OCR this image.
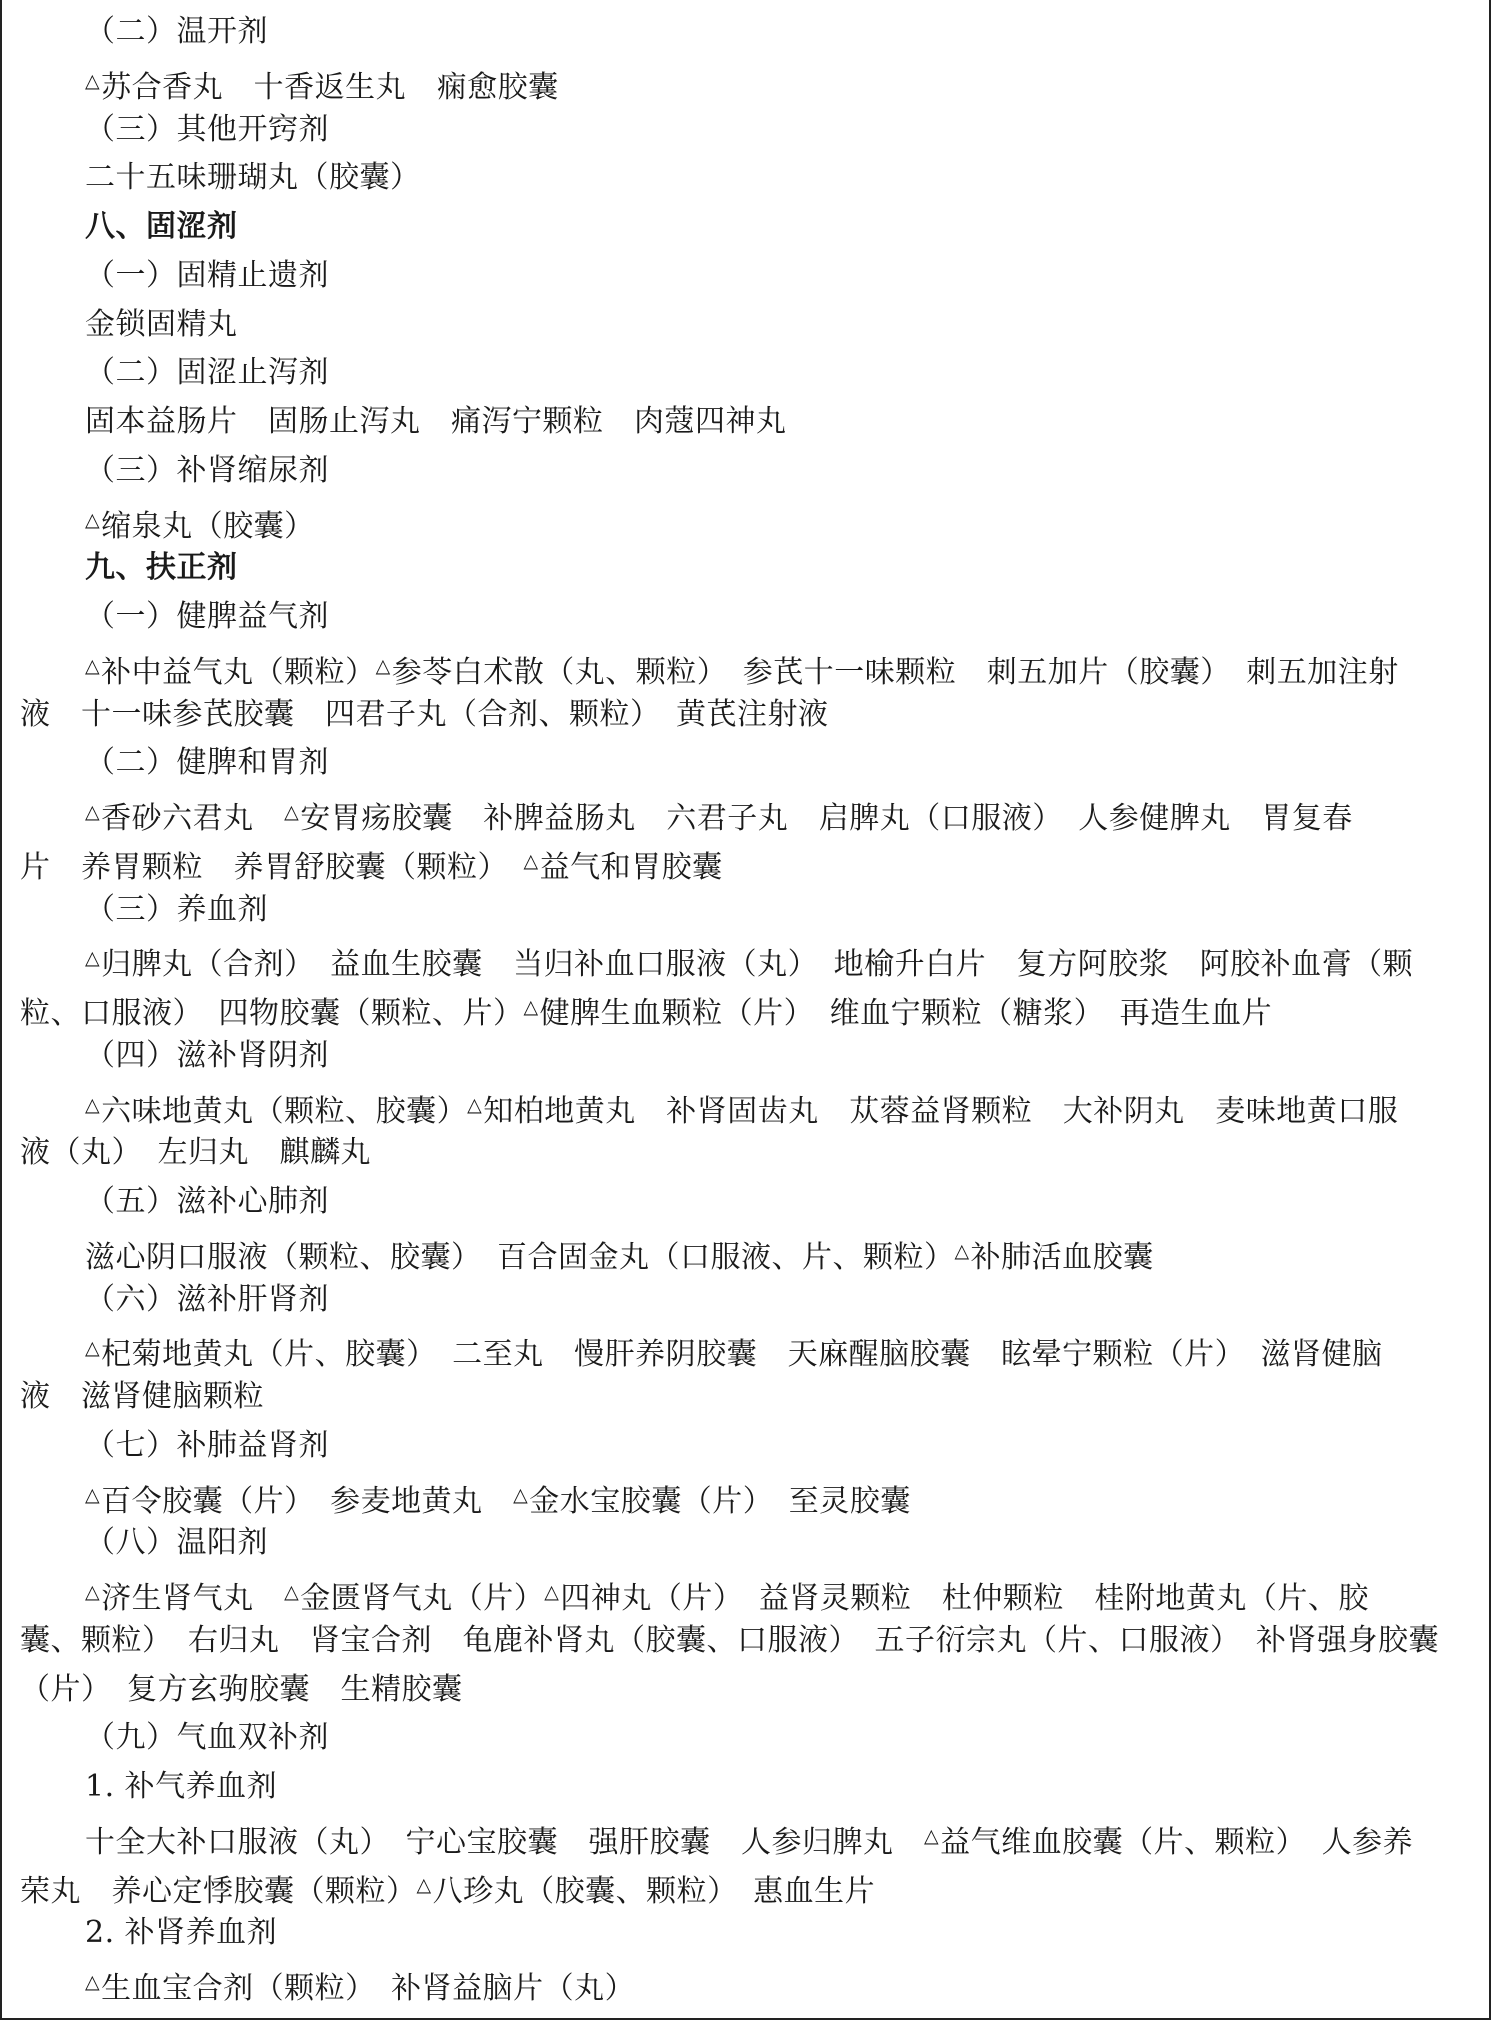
（二）温开剂
△苏合香丸　十香返生丸　痫愈胶囊
（三）其他开窍剂
二十五味珊瑚丸（胶囊）
八、固涩剂
（一）固精止遗剂
金锁固精丸
（二）固涩止泻剂
固本益肠片　固肠止泻丸　痛泻宁颗粒　肉蔻四神丸
（三）补肾缩尿剂
△缩泉丸（胶囊）
九、扶正剂
（一）健脾益气剂
△补中益气丸（颗粒）△参苓白术散（丸、颗粒）　参芪十一味颗粒　刺五加片（胶囊）　刺五加注射
液　十一味参芪胶囊　四君子丸（合剂、颗粒）　黄芪注射液
（二）健脾和胃剂
△香砂六君丸　△安胃疡胶囊　补脾益肠丸　六君子丸　启脾丸（口服液）　人参健脾丸　胃复春
片　养胃颗粒　养胃舒胶囊（颗粒）　△益气和胃胶囊
（三）养血剂
△归脾丸（合剂）　益血生胶囊　当归补血口服液（丸）　地榆升白片　复方阿胶浆　阿胶补血膏（颗
粒、口服液）　四物胶囊（颗粒、片）△健脾生血颗粒（片）　维血宁颗粒（糖浆）　再造生血片
（四）滋补肾阴剂
△六味地黄丸（颗粒、胶囊）△知柏地黄丸　补肾固齿丸　苁蓉益肾颗粒　大补阴丸　麦味地黄口服
液（丸）　左归丸　麒麟丸
（五）滋补心肺剂
滋心阴口服液（颗粒、胶囊）　百合固金丸（口服液、片、颗粒）△补肺活血胶囊
（六）滋补肝肾剂
△杞菊地黄丸（片、胶囊）　二至丸　慢肝养阴胶囊　天麻醒脑胶囊　眩晕宁颗粒（片）　滋肾健脑
液　滋肾健脑颗粒
（七）补肺益肾剂
△百令胶囊（片）　参麦地黄丸　△金水宝胶囊（片）　至灵胶囊
（八）温阳剂
△济生肾气丸　△金匮肾气丸（片）△四神丸（片）　益肾灵颗粒　杜仲颗粒　桂附地黄丸（片、胶
囊、颗粒）　右归丸　肾宝合剂　龟鹿补肾丸（胶囊、口服液）　五子衍宗丸（片、口服液）　补肾强身胶囊
（片）　复方玄驹胶囊　生精胶囊
（九）气血双补剂
1. 补气养血剂
十全大补口服液（丸）　宁心宝胶囊　强肝胶囊　人参归脾丸　△益气维血胶囊（片、颗粒）　人参养
荣丸　养心定悸胶囊（颗粒）△八珍丸（胶囊、颗粒）　惠血生片
2. 补肾养血剂
△生血宝合剂（颗粒）　补肾益脑片（丸）
